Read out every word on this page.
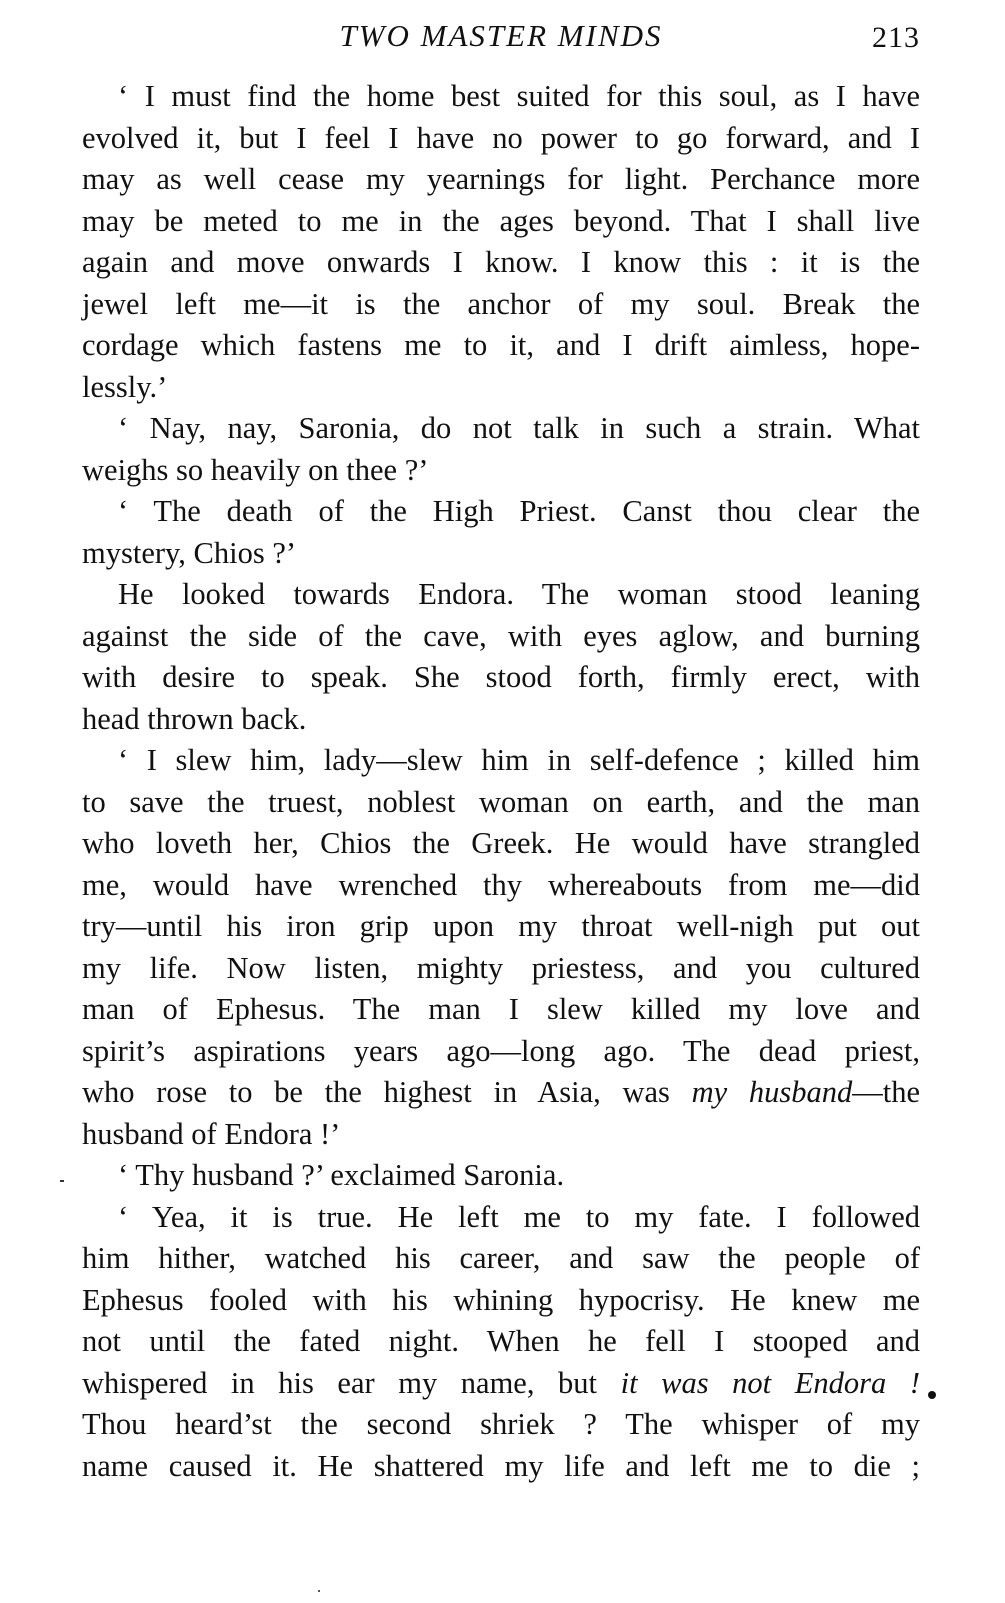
TWO MASTER MINDS	213
‘ I must find the home best suited for this soul, as I have
evolved it, but I feel I have no power to go forward, and I
may as well cease my yearnings for light. Perchance more
may be meted to me in the ages beyond. That I shall live
again and move onwards I know. I know this : it is the
jewel left me—it is the anchor of my soul. Break the
cordage which fastens me to it, and I drift aimless, hope-
lessly.’
‘ Nay, nay, Saronia, do not talk in such a strain. What
weighs so heavily on thee ?’
‘ The death of the High Priest. Canst thou clear the
mystery, Chios ?’
He looked towards Endora. The woman stood leaning
against the side of the cave, with eyes aglow, and burning
with desire to speak. She stood forth, firmly erect, with
head thrown back.
‘ I slew him, lady—slew him in self-defence ; killed him
to save the truest, noblest woman on earth, and the man
who loveth her, Chios the Greek. He would have strangled
me, would have wrenched thy whereabouts from me—did
try—until his iron grip upon my throat well-nigh put out
my life. Now listen, mighty priestess, and you cultured
man of Ephesus. The man I slew killed my love and
spirit’s aspirations years ago—long ago. The dead priest,
who rose to be the highest in Asia, was my husband—the
husband of Endora !’
‘ Thy husband ?’ exclaimed Saronia.
‘ Yea, it is true. He left me to my fate. I followed
him hither, watched his career, and saw the people of
Ephesus fooled with his whining hypocrisy. He knew me
not until the fated night. When he fell I stooped and
whispered in his ear my name, but it was not Endora !
Thou heard’st the second shriek ? The whisper of my
name caused it. He shattered my life and left me to die ;
